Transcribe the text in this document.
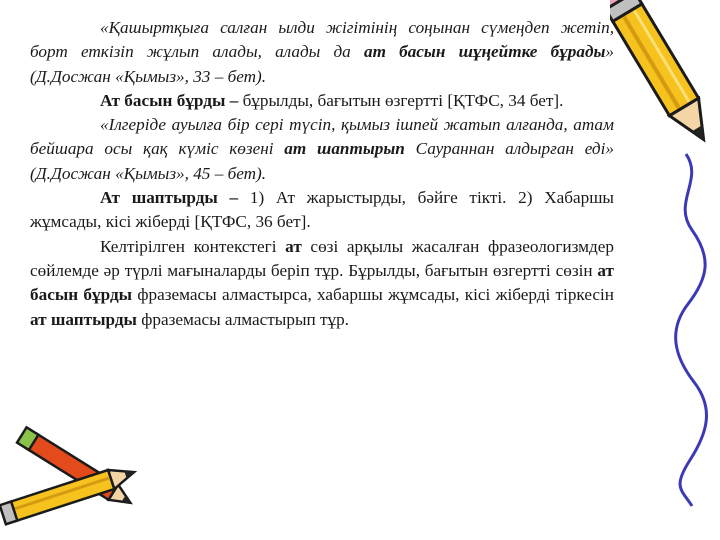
«Қашыртқыға салған ылди жігітінің соңынан сүмеңдеп жетіп, борт еткізіп жұлып алады, алады да ат басын шұңейтке бұрады» (Д.Досжан «Қымыз», 33 – бет).

Ат басын бұрды – бұрылды, бағытын өзгертті [ҚТФС, 34 бет].

«Ілгеріде ауылға бір сері түсіп, қымыз ішпей жатып алғанда, атам бейшара осы қақ күміс көзені ат шаптырып Саураннан алдырған еді» (Д.Досжан «Қымыз», 45 – бет).

Ат шаптырды – 1) Ат жарыстырды, бәйге тікті. 2) Хабаршы жұмсады, кісі жіберді [ҚТФС, 36 бет].

Келтірілген контекстегі ат сөзі арқылы жасалған фразеологизмдер сөйлемде әр түрлі мағыналарды беріп тұр. Бұрылды, бағытын өзгертті сөзін ат басын бұрды фраземасы алмастырса, хабаршы жұмсады, кісі жіберді тіркесін ат шаптырды фраземасы алмастырып тұр.
